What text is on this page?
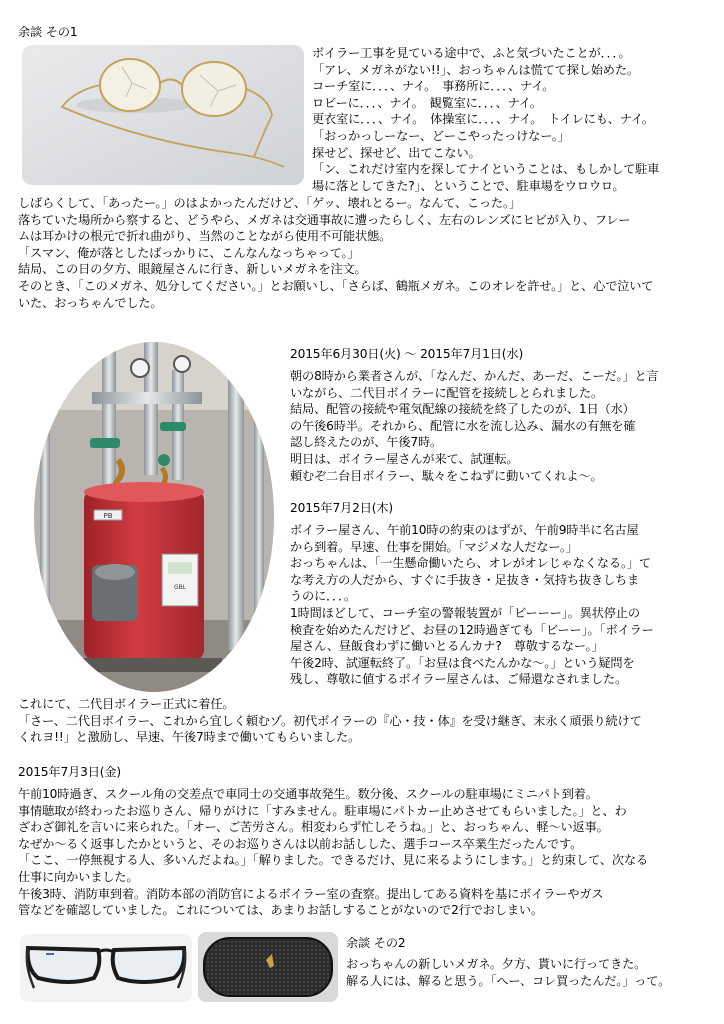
余談 その1
ボイラー工事を見ている途中で、ふと気づいたことが．．．。
「アレ、メガネがない!!」、おっちゃんは慌てて探し始めた。
コーチ室に．．．、ナイ。　事務所に．．．、ナイ。
ロビーに．．．、ナイ。　観覧室に．．．、ナイ。
更衣室に．．．、ナイ。　体操室に．．．、ナイ。　トイレにも、ナイ。
「おっかっしーなー、どーこやったっけなー。」
探せど、探せど、出てこない。
「ン、これだけ室内を探してナイということは、もしかして駐車
場に落としてきた?」、ということで、駐車場をウロウロ。
しばらくして、「あったー。」のはよかったんだけど、「ゲッ、壊れとるー。なんて、こった。」
落ちていた場所から察すると、どうやら、メガネは交通事故に遭ったらしく、左右のレンズにヒビが入り、フレー
ムは耳かけの根元で折れ曲がり、当然のことながら使用不可能状態。
「スマン、俺が落としたばっかりに、こんなんなっちゃって。」
結局、この日の夕方、眼鏡屋さんに行き、新しいメガネを注文。
そのとき、「このメガネ、処分してください。」とお願いし、「さらば、鶴瓶メガネ。このオレを許せ。」と、心で泣いて
いた、おっちゃんでした。
2015年6月30日(火) ～ 2015年7月1日(水)
朝の8時から業者さんが、「なんだ、かんだ、あーだ、こーだ。」と言
いながら、二代目ボイラーに配管を接続しとられました。
結局、配管の接続や電気配線の接続を終了したのが、1日（水）
の午後6時半。それから、配管に水を流し込み、漏水の有無を確
認し終えたのが、午後7時。
明日は、ボイラー屋さんが来て、試運転。
頼むぞ二台目ボイラー、駄々をこねずに動いてくれよ～。
2015年7月2日(木)
ボイラー屋さん、午前10時の約束のはずが、午前9時半に名古屋
から到着。早速、仕事を開始。「マジメな人だなー。」
おっちゃんは、「一生懸命働いたら、オレがオレじゃなくなる。」て
な考え方の人だから、すぐに手抜き・足抜き・気持ち抜きしちま
うのに．．．。
1時間ほどして、コーチ室の警報装置が「ビーーー」。異状停止の
検査を始めたんだけど、お昼の12時過ぎても「ビーー」。「ボイラー
屋さん、昼飯食わずに働いとるんカナ?　尊敬するなー。」
午後2時、試運転終了。「お昼は食べたんかな～。」という疑問を
残し、尊敬に値するボイラー屋さんは、ご帰還なされました。
これにて、二代目ボイラー正式に着任。
「さー、二代目ボイラー、これから宜しく頼むゾ。初代ボイラーの『心・技・体』を受け継ぎ、末永く頑張り続けて
くれヨ!!」と激励し、早速、午後7時まで働いてもらいました。
2015年7月3日(金)
午前10時過ぎ、スクール角の交差点で車同士の交通事故発生。数分後、スクールの駐車場にミニパト到着。
事情聴取が終わったお巡りさん、帰りがけに「すみません。駐車場にパトカー止めさせてもらいました。」と、わ
ざわざ御礼を言いに来られた。「オー、ご苦労さん。相変わらず忙しそうね。」と、おっちゃん、軽～い返事。
なぜか～るく返事したかというと、そのお巡りさんは以前お話しした、選手コース卒業生だったんです。
「ここ、一停無視する人、多いんだよね。」「解りました。できるだけ、見に来るようにします。」と約束して、次なる
仕事に向かいました。
午後3時、消防車到着。消防本部の消防官によるボイラー室の査察。提出してある資料を基にボイラーやガス
管などを確認していました。これについては、あまりお話しすることがないので2行でおしまい。
余談 その2
おっちゃんの新しいメガネ。夕方、貰いに行ってきた。
解る人には、解ると思う。「へー、コレ買ったんだ。」って。
